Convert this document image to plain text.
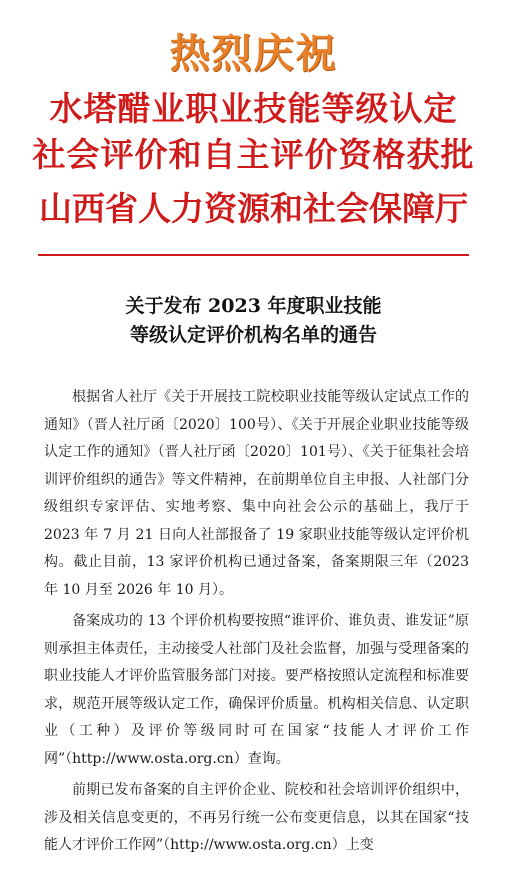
热烈庆祝
水塔醋业职业技能等级认定
社会评价和自主评价资格获批
山西省人力资源和社会保障厅
关于发布 2023 年度职业技能
等级认定评价机构名单的通告

根据省人社厅《关于开展技工院校职业技能等级认定试点工作的通知》（晋人社厅函〔2020〕100号）、《关于开展企业职业技能等级认定工作的通知》（晋人社厅函〔2020〕101号）、《关于征集社会培训评价组织的通告》等文件精神，在前期单位自主申报、人社部门分级组织专家评估、实地考察、集中向社会公示的基础上，我厅于 2023 年 7 月 21 日向人社部报备了 19 家职业技能等级认定评价机构。截止目前，13 家评价机构已通过备案，备案期限三年（2023 年 10 月至 2026 年 10 月）。

备案成功的 13 个评价机构要按照“谁评价、谁负责、谁发证”原则承担主体责任，主动接受人社部门及社会监督，加强与受理备案的职业技能人才评价监管服务部门对接。要严格按照认定流程和标准要求，规范开展等级认定工作，确保评价质量。机构相关信息、认定职业（工种）及评价等级同时可在国家“技能人才评价工作网”（http://www.osta.org.cn）查询。

前期已发布备案的自主评价企业、院校和社会培训评价组织中，涉及相关信息变更的，不再另行统一公布变更信息，以其在国家“技能人才评价工作网”（http://www.osta.org.cn）上变
